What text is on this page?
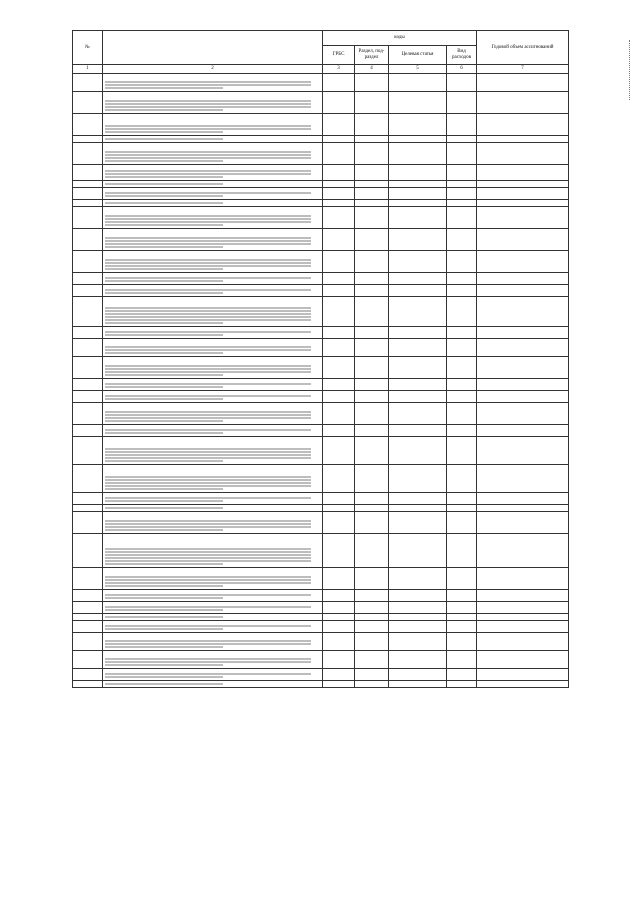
№		коды				Годовой объем ассигнований
		ГРБС	Раздел, под-раздел	Целевая статья	Вид расходов	
1	2	3	4	5	6	7
